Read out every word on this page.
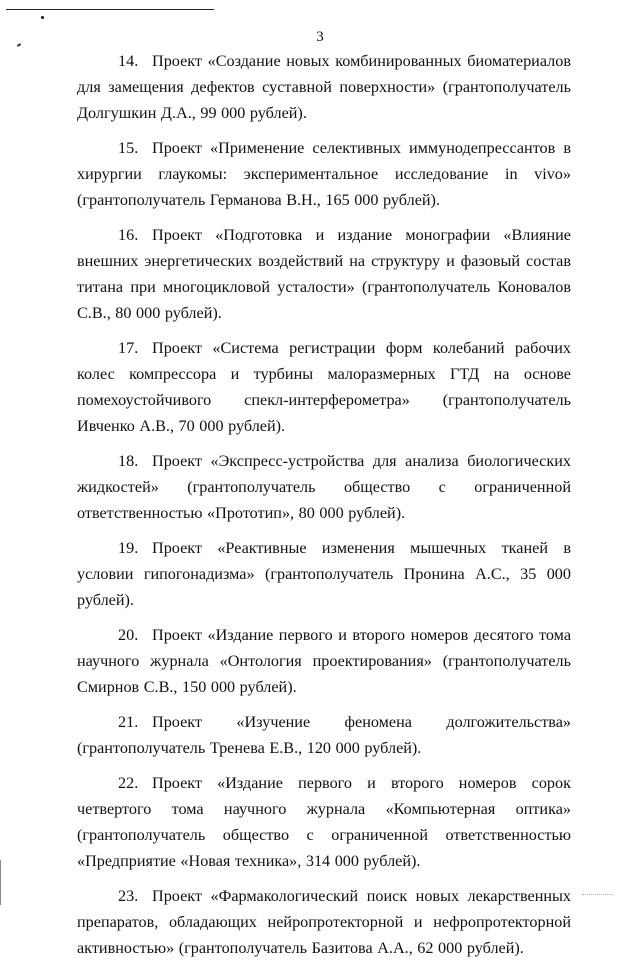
3

14. Проект «Создание новых комбинированных биоматериалов для замещения дефектов суставной поверхности» (грантополучатель Долгушкин Д.А., 99 000 рублей).

15. Проект «Применение селективных иммунодепрессантов в хирургии глаукомы: экспериментальное исследование in vivo» (грантополучатель Германова В.Н., 165 000 рублей).

16. Проект «Подготовка и издание монографии «Влияние внешних энергетических воздействий на структуру и фазовый состав титана при многоцикловой усталости» (грантополучатель Коновалов С.В., 80 000 рублей).

17. Проект «Система регистрации форм колебаний рабочих колес компрессора и турбины малоразмерных ГТД на основе помехоустойчивого спекл-интерферометра» (грантополучатель Ивченко А.В., 70 000 рублей).

18. Проект «Экспресс-устройства для анализа биологических жидкостей» (грантополучатель общество с ограниченной ответственностью «Прототип», 80 000 рублей).

19. Проект «Реактивные изменения мышечных тканей в условии гипогонадизма» (грантополучатель Пронина А.С., 35 000 рублей).

20. Проект «Издание первого и второго номеров десятого тома научного журнала «Онтология проектирования» (грантополучатель Смирнов С.В., 150 000 рублей).

21. Проект «Изучение феномена долгожительства» (грантополучатель Тренева Е.В., 120 000 рублей).

22. Проект «Издание первого и второго номеров сорок четвертого тома научного журнала «Компьютерная оптика» (грантополучатель общество с ограниченной ответственностью «Предприятие «Новая техника», 314 000 рублей).

23. Проект «Фармакологический поиск новых лекарственных препаратов, обладающих нейропротекторной и нефропротекторной активностью» (грантополучатель Базитова А.А., 62 000 рублей).
